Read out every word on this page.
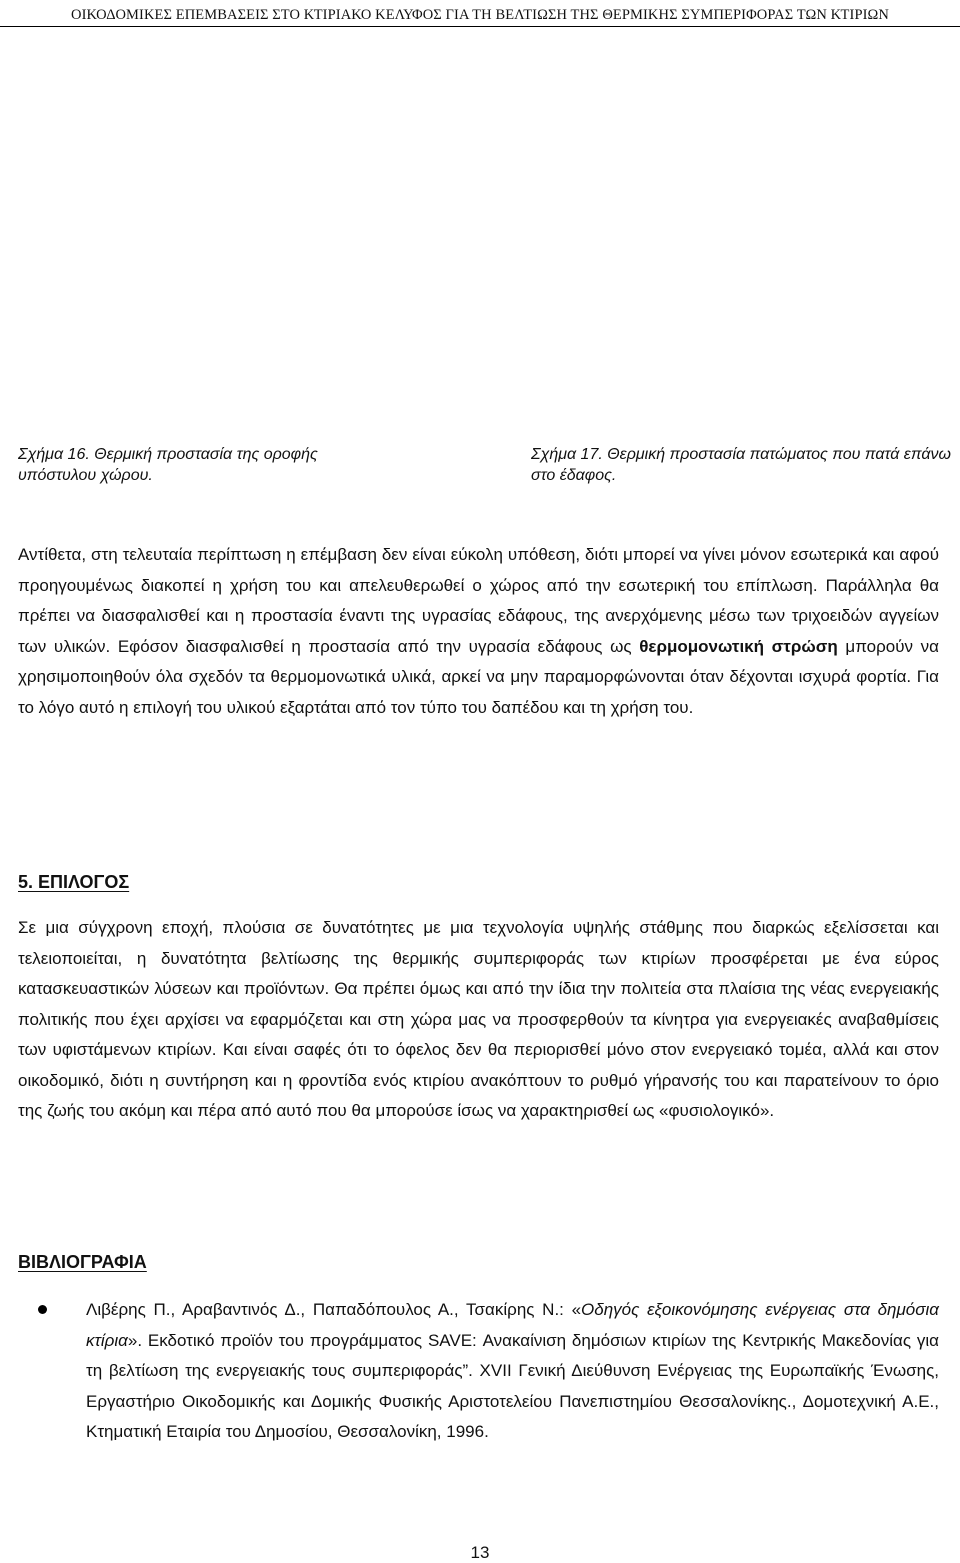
ΟΙΚΟΔΟΜΙΚΕΣ ΕΠΕΜΒΑΣΕΙΣ ΣΤΟ ΚΤΙΡΙΑΚΟ ΚΕΛΥΦΟΣ ΓΙΑ ΤΗ ΒΕΛΤΙΩΣΗ ΤΗΣ ΘΕΡΜΙΚΗΣ ΣΥΜΠΕΡΙΦΟΡΑΣ ΤΩΝ ΚΤΙΡΙΩΝ
Σχήμα 16. Θερμική προστασία της οροφής υπόστυλου χώρου.
Σχήμα 17. Θερμική προστασία πατώματος που πατά επάνω στο έδαφος.

Αντίθετα, στη τελευταία περίπτωση η επέμβαση δεν είναι εύκολη υπόθεση, διότι μπορεί να γίνει μόνον εσωτερικά και αφού προηγουμένως διακοπεί η χρήση του και απελευθερωθεί ο χώρος από την εσωτερική του επίπλωση. Παράλληλα θα πρέπει να διασφαλισθεί και η προστασία έναντι της υγρασίας εδάφους, της ανερχόμενης μέσω των τριχοειδών αγγείων των υλικών. Εφόσον διασφαλισθεί η προστασία από την υγρασία εδάφους ως θερμομονωτική στρώση μπορούν να χρησιμοποιηθούν όλα σχεδόν τα θερμομονωτικά υλικά, αρκεί να μην παραμορφώνονται όταν δέχονται ισχυρά φορτία. Για το λόγο αυτό η επιλογή του υλικού εξαρτάται από τον τύπο του δαπέδου και τη χρήση του.

5. ΕΠΙΛΟΓΟΣ

Σε μια σύγχρονη εποχή, πλούσια σε δυνατότητες με μια τεχνολογία υψηλής στάθμης που διαρκώς εξελίσσεται και τελειοποιείται, η δυνατότητα βελτίωσης της θερμικής συμπεριφοράς των κτιρίων προσφέρεται με ένα εύρος κατασκευαστικών λύσεων και προϊόντων. Θα πρέπει όμως και από την ίδια την πολιτεία στα πλαίσια της νέας ενεργειακής πολιτικής που έχει αρχίσει να εφαρμόζεται και στη χώρα μας να προσφερθούν τα κίνητρα για ενεργειακές αναβαθμίσεις των υφιστάμενων κτιρίων. Και είναι σαφές ότι το όφελος δεν θα περιορισθεί μόνο στον ενεργειακό τομέα, αλλά και στον οικοδομικό, διότι η συντήρηση και η φροντίδα ενός κτιρίου ανακόπτουν το ρυθμό γήρανσής του και παρατείνουν το όριο της ζωής του ακόμη και πέρα από αυτό που θα μπορούσε ίσως να χαρακτηρισθεί ως «φυσιολογικό».

ΒΙΒΛΙΟΓΡΑΦΙΑ

Λιβέρης Π., Αραβαντινός Δ., Παπαδόπουλος Α., Τσακίρης Ν.: «Οδηγός εξοικονόμησης ενέργειας στα δημόσια κτίρια». Εκδοτικό προϊόν του προγράμματος SAVE: Ανακαίνιση δημόσιων κτιρίων της Κεντρικής Μακεδονίας για τη βελτίωση της ενεργειακής τους συμπεριφοράς”. XVII Γενική Διεύθυνση Ενέργειας της Ευρωπαϊκής Ένωσης, Εργαστήριο Οικοδομικής και Δομικής Φυσικής Αριστοτελείου Πανεπιστημίου Θεσσαλονίκης., Δομοτεχνική Α.Ε., Κτηματική Εταιρία του Δημοσίου, Θεσσαλονίκη, 1996.

13
